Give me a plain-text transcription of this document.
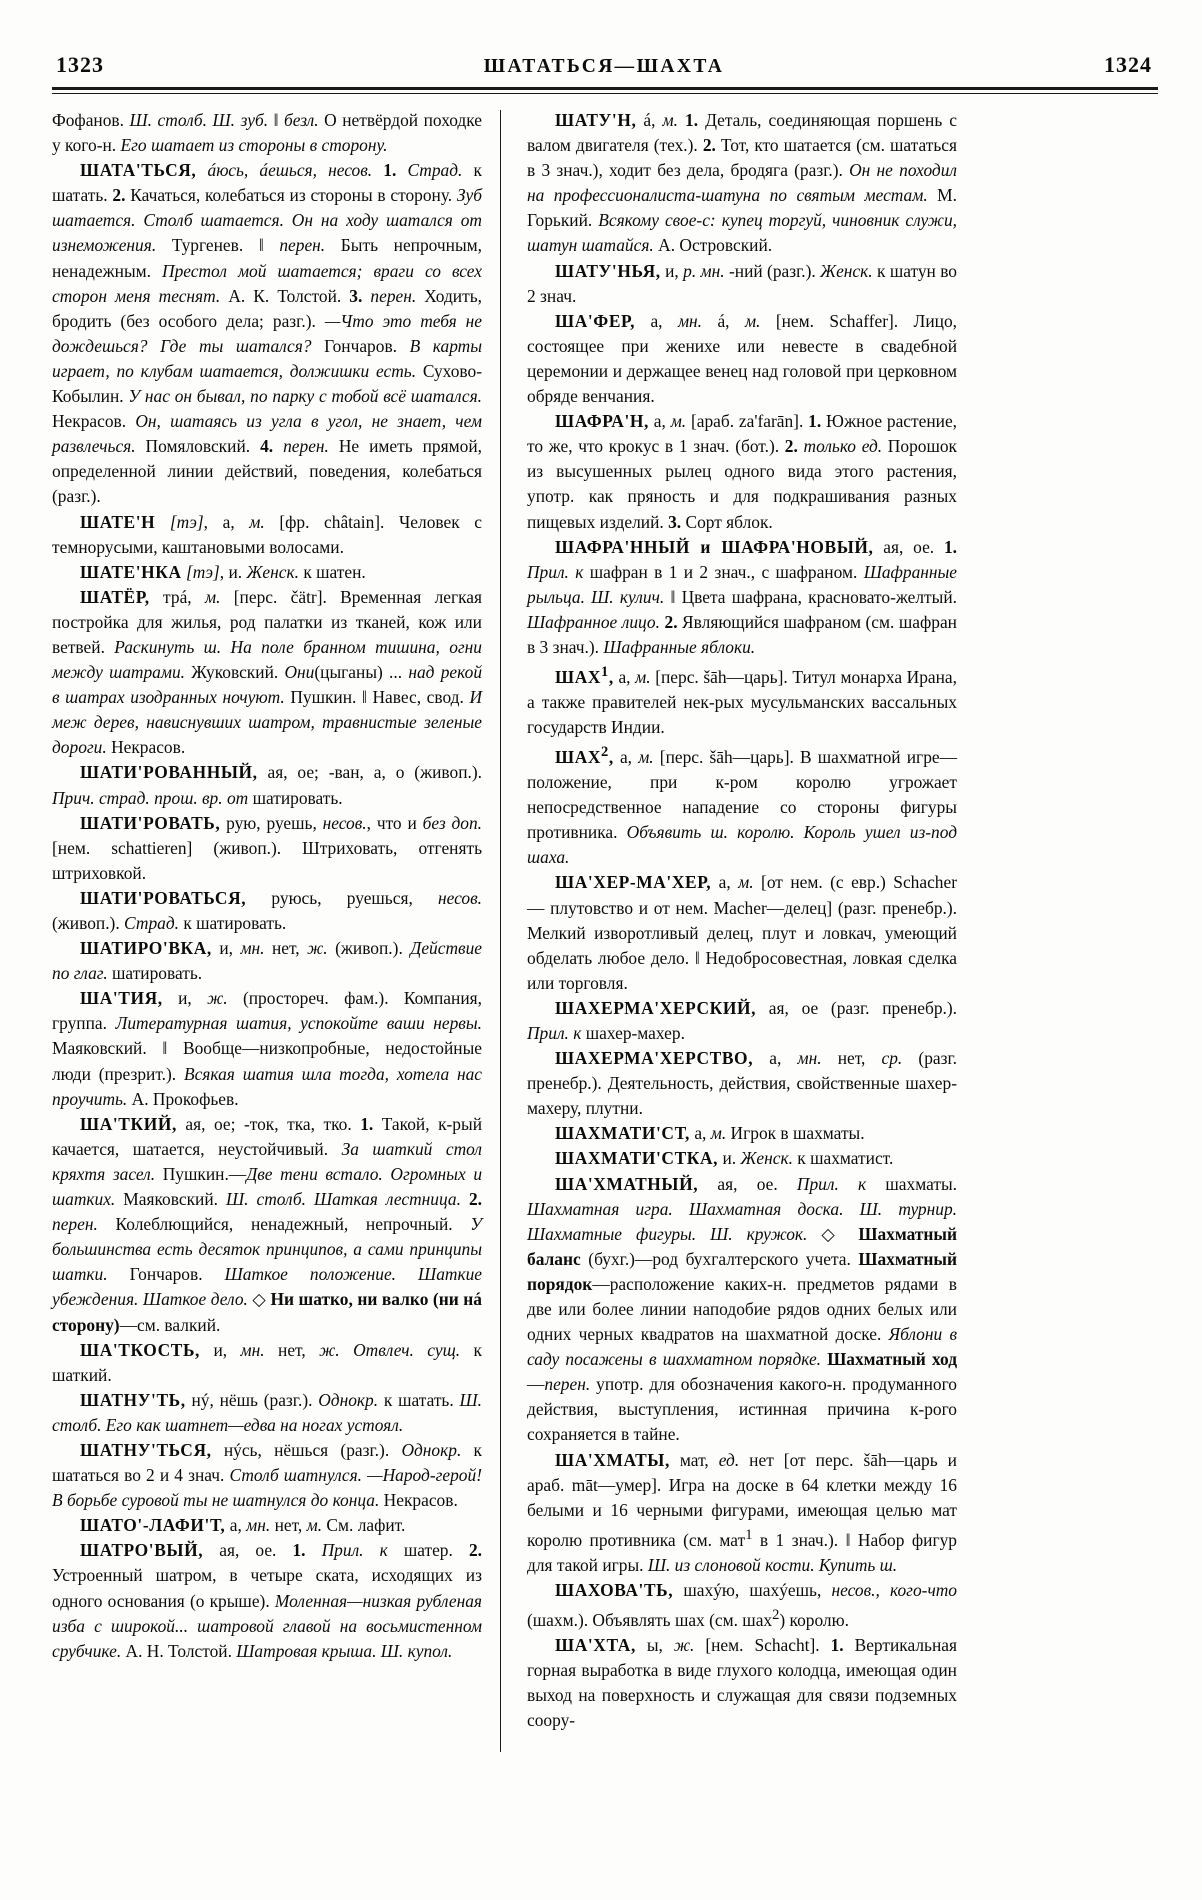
1323	ШАТАТЬСЯ—ШАХТА	1324

Фофанов. Ш. столб. Ш. зуб. ‖ безл. О нетвёрдой походке у кого-н. Его шатает из стороны в сторону.

ШАТА'ТЬСЯ, áюсь, áешься, несов. 1. Страд. к шатать. 2. Качаться, колебаться из стороны в сторону. Зуб шатается. Столб шатается. Он на ходу шатался от изнеможения. Тургенев. ‖ перен. Быть непрочным, ненадежным. Престол мой шатается; враги со всех сторон меня теснят. А. К. Толстой. 3. перен. Ходить, бродить (без особого дела; разг.). —Что это тебя не дождешься? Где ты шатался? Гончаров. В карты играет, по клубам шатается, должишки есть. Сухово-Кобылин. У нас он бывал, по парку с тобой всё шатался. Некрасов. Он, шатаясь из угла в угол, не знает, чем развлечься. Помяловский. 4. перен. Не иметь прямой, определенной линии действий, поведения, колебаться (разг.).

ШАТЕ'Н [тэ], а, м. [фр. châtain]. Человек с темнорусыми, каштановыми волосами.

ШАТЕ'НКА [тэ], и. Женск. к шатен.

ШАТЁР, трá, м. [перс. čätr]. Временная легкая постройка для жилья, род палатки из тканей, кож или ветвей. Раскинуть ш. На поле бранном тишина, огни между шатрами. Жуковский. Они(цыганы) ... над рекой в шатрах изодранных ночуют. Пушкин. ‖ Навес, свод. И меж дерев, нависнувших шатром, травнистые зеленые дороги. Некрасов.

ШАТИ'РОВАННЫЙ, ая, ое; -ван, а, о (живоп.). Прич. страд. прош. вр. от шатировать.

ШАТИ'РОВАТЬ, рую, руешь, несов., что и без доп. [нем. schattieren] (живоп.). Штриховать, отгенять штриховкой.

ШАТИ'РОВАТЬСЯ, руюсь, руешься, несов. (живоп.). Страд. к шатировать.

ШАТИРО'ВКА, и, мн. нет, ж. (живоп.). Действие по глаг. шатировать.

ША'ТИЯ, и, ж. (простореч. фам.). Компания, группа. Литературная шатия, успокойте ваши нервы. Маяковский. ‖ Вообще—низкопробные, недостойные люди (презрит.). Всякая шатия шла тогда, хотела нас проучить. А. Прокофьев.

ША'ТКИЙ, ая, ое; -ток, тка, тко. 1. Такой, к-рый качается, шатается, неустойчивый. За шаткий стол кряхтя засел. Пушкин.—Две тени встало. Огромных и шатких. Маяковский. Ш. столб. Шаткая лестница. 2. перен. Колеблющийся, ненадежный, непрочный. У большинства есть десяток принципов, а сами принципы шатки. Гончаров. Шаткое положение. Шаткие убеждения. Шаткое дело. ◇ Ни шатко, ни валко (ни нá сторону)—см. валкий.

ША'ТКОСТЬ, и, мн. нет, ж. Отвлеч. сущ. к шаткий.

ШАТНУ'ТЬ, нý, нёшь (разг.). Однокр. к шатать. Ш. столб. Его как шатнет—едва на ногах устоял.

ШАТНУ'ТЬСЯ, нýсь, нёшься (разг.). Однокр. к шататься во 2 и 4 знач. Столб шатнулся. —Народ-герой! В борьбе суровой ты не шатнулся до конца. Некрасов.

ШАТО'-ЛАФИ'Т, а, мн. нет, м. См. лафит.

ШАТРО'ВЫЙ, ая, ое. 1. Прил. к шатер. 2. Устроенный шатром, в четыре ската, исходящих из одного основания (о крыше). Моленная—низкая рубленая изба с широкой... шатровой главой на восьмистенном срубчике. А. Н. Толстой. Шатровая крыша. Ш. купол.

ШАТУ'Н, á, м. 1. Деталь, соединяющая поршень с валом двигателя (тех.). 2. Тот, кто шатается (см. шататься в 3 знач.), ходит без дела, бродяга (разг.). Он не походил на профессионалиста-шатуна по святым местам. М. Горький. Всякому свое-с: купец торгуй, чиновник служи, шатун шатайся. А. Островский.

ШАТУ'НЬЯ, и, р. мн. -ний (разг.). Женск. к шатун во 2 знач.

ША'ФЕР, а, мн. á, м. [нем. Schaffer]. Лицо, состоящее при женихе или невесте в свадебной церемонии и держащее венец над головой при церковном обряде венчания.

ШАФРА'Н, а, м. [араб. za'farān]. 1. Южное растение, то же, что крокус в 1 знач. (бот.). 2. только ед. Порошок из высушенных рылец одного вида этого растения, употр. как пряность и для подкрашивания разных пищевых изделий. 3. Сорт яблок.

ШАФРА'ННЫЙ и ШАФРА'НОВЫЙ, ая, ое. 1. Прил. к шафран в 1 и 2 знач., с шафраном. Шафранные рыльца. Ш. кулич. ‖ Цвета шафрана, красновато-желтый. Шафранное лицо. 2. Являющийся шафраном (см. шафран в 3 знач.). Шафранные яблоки.

ШАХ$^1$, а, м. [перс. šāh—царь]. Титул монарха Ирана, а также правителей нек-рых мусульманских вассальных государств Индии.

ШАХ$^2$, а, м. [перс. šāh—царь]. В шахматной игре—положение, при к-ром королю угрожает непосредственное нападение со стороны фигуры противника. Объявить ш. королю. Король ушел из-под шаха.

ША'ХЕР-МА'ХЕР, а, м. [от нем. (с евр.) Schacher — плутовство и от нем. Macher—делец] (разг. пренебр.). Мелкий изворотливый делец, плут и ловкач, умеющий обделать любое дело. ‖ Недобросовестная, ловкая сделка или торговля.

ШАХЕРМА'ХЕРСКИЙ, ая, ое (разг. пренебр.). Прил. к шахер-махер.

ШАХЕРМА'ХЕРСТВО, а, мн. нет, ср. (разг. пренебр.). Деятельность, действия, свойственные шахер-махеру, плутни.

ШАХМАТИ'СТ, а, м. Игрок в шахматы.

ШАХМАТИ'СТКА, и. Женск. к шахматист.

ША'ХМАТНЫЙ, ая, ое. Прил. к шахматы. Шахматная игра. Шахматная доска. Ш. турнир. Шахматные фигуры. Ш. кружок. ◇ Шахматный баланс (бухг.)—род бухгалтерского учета. Шахматный порядок—расположение каких-н. предметов рядами в две или более линии наподобие рядов одних белых или одних черных квадратов на шахматной доске. Яблони в саду посажены в шахматном порядке. Шахматный ход—перен. употр. для обозначения какого-н. продуманного действия, выступления, истинная причина к-рого сохраняется в тайне.

ША'ХМАТЫ, мат, ед. нет [от перс. šāh—царь и араб. māt—умер]. Игра на доске в 64 клетки между 16 белыми и 16 черными фигурами, имеющая целью мат королю противника (см. мат$^1$ в 1 знач.). ‖ Набор фигур для такой игры. Ш. из слоновой кости. Купить ш.

ШАХОВА'ТЬ, шахýю, шахýешь, несов., кого-что (шахм.). Объявлять шах (см. шах$^2$) королю.

ША'ХТА, ы, ж. [нем. Schacht]. 1. Вертикальная горная выработка в виде глухого колодца, имеющая один выход на поверхность и служащая для связи подземных соору-
